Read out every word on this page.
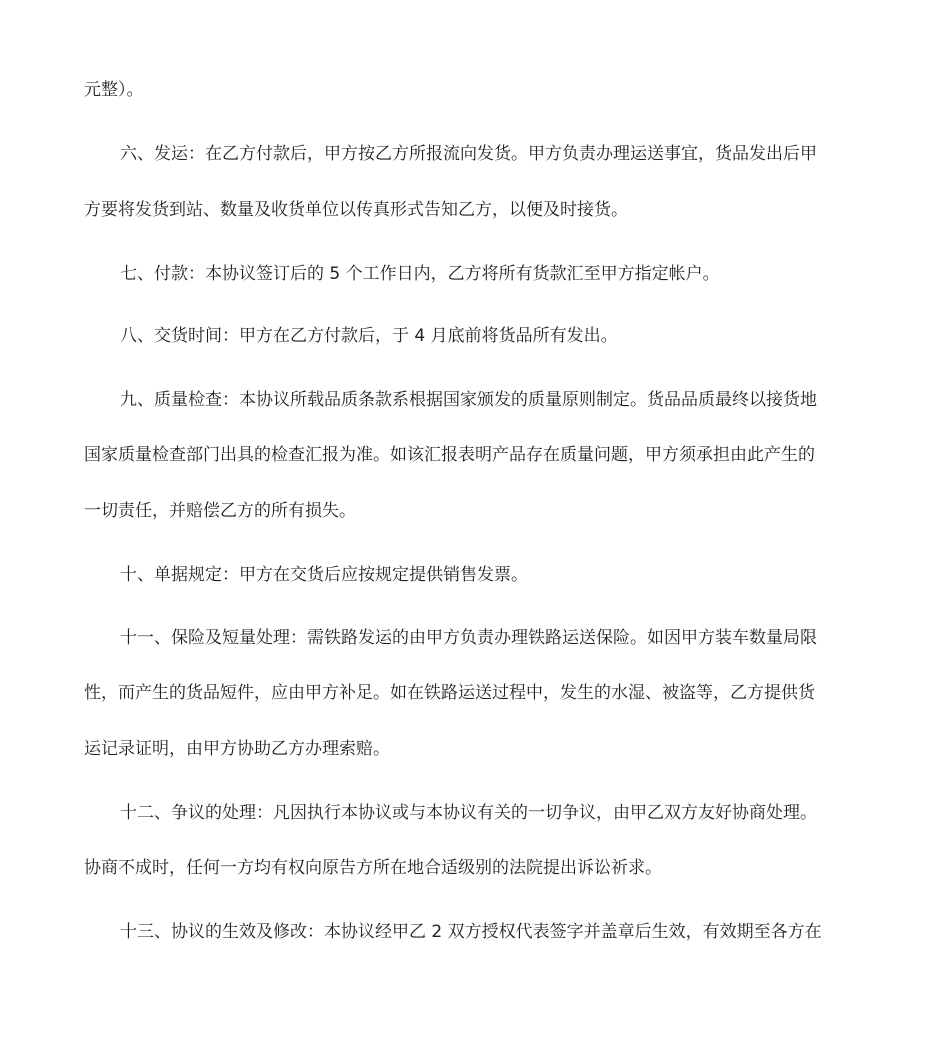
元整）。
六、发运：在乙方付款后，甲方按乙方所报流向发货。甲方负责办理运送事宜，货品发出后甲
方要将发货到站、数量及收货单位以传真形式告知乙方，以便及时接货。
七、付款：本协议签订后的 5 个工作日内，乙方将所有货款汇至甲方指定帐户。
八、交货时间：甲方在乙方付款后，于 4 月底前将货品所有发出。
九、质量检查：本协议所载品质条款系根据国家颁发的质量原则制定。货品品质最终以接货地
国家质量检查部门出具的检查汇报为准。如该汇报表明产品存在质量问题，甲方须承担由此产生的
一切责任，并赔偿乙方的所有损失。
十、单据规定：甲方在交货后应按规定提供销售发票。
十一、保险及短量处理：需铁路发运的由甲方负责办理铁路运送保险。如因甲方装车数量局限
性，而产生的货品短件，应由甲方补足。如在铁路运送过程中，发生的水湿、被盗等，乙方提供货
运记录证明，由甲方协助乙方办理索赔。
十二、争议的处理：凡因执行本协议或与本协议有关的一切争议，由甲乙双方友好协商处理。
协商不成时，任何一方均有权向原告方所在地合适级别的法院提出诉讼祈求。
十三、协议的生效及修改：本协议经甲乙 2 双方授权代表签字并盖章后生效，有效期至各方在
